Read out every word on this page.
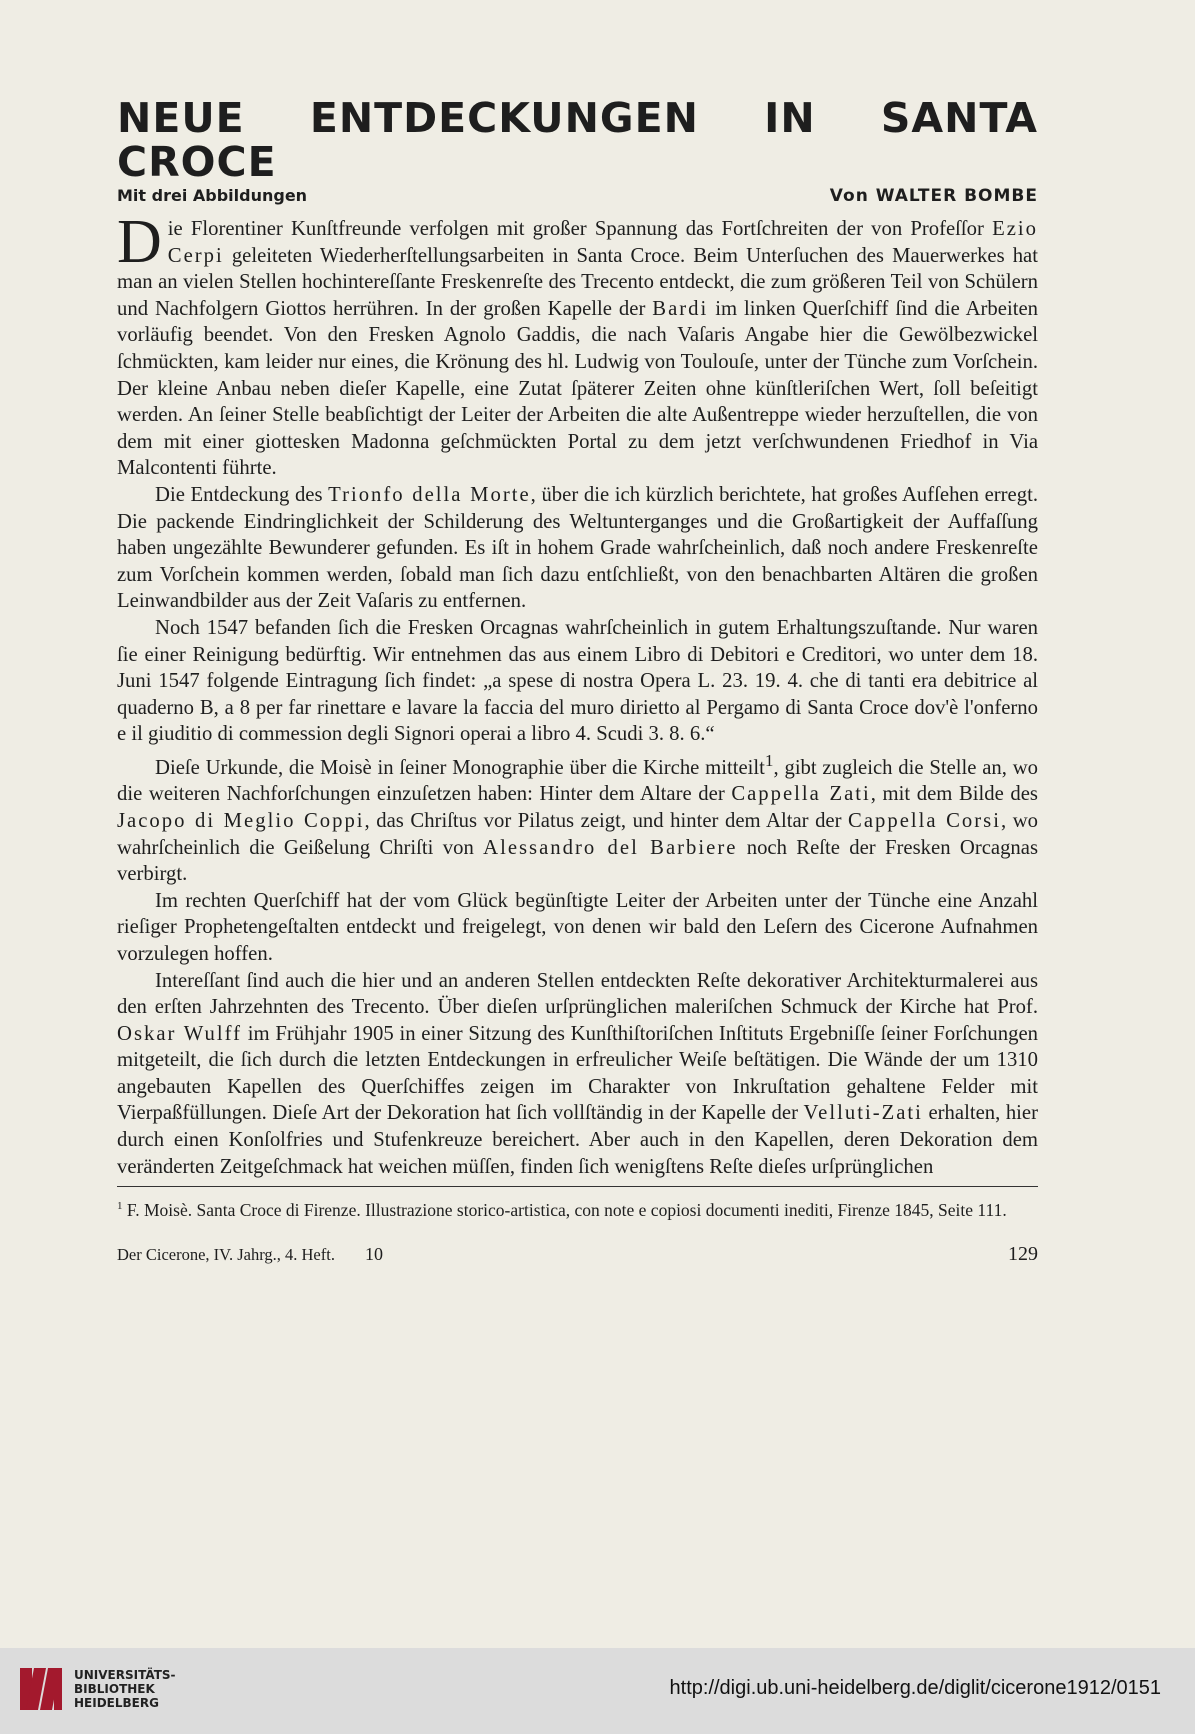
NEUE ENTDECKUNGEN IN SANTA CROCE
Mit drei Abbildungen	Von WALTER BOMBE

Die Florentiner Kunſtfreunde verfolgen mit großer Spannung das Fortſchreiten der von Profeſſor Ezio Cerpi geleiteten Wiederherſtellungsarbeiten in Santa Croce. Beim Unterſuchen des Mauerwerkes hat man an vielen Stellen hochintereſſante Freskenreſte des Trecento entdeckt, die zum größeren Teil von Schülern und Nachfolgern Giottos herrühren. In der großen Kapelle der Bardi im linken Querſchiff ſind die Arbeiten vorläufig beendet. Von den Fresken Agnolo Gaddis, die nach Vaſaris Angabe hier die Gewölbezwickel ſchmückten, kam leider nur eines, die Krönung des hl. Ludwig von Toulouſe, unter der Tünche zum Vorſchein. Der kleine Anbau neben dieſer Kapelle, eine Zutat ſpäterer Zeiten ohne künſtleriſchen Wert, ſoll beſeitigt werden. An ſeiner Stelle beabſichtigt der Leiter der Arbeiten die alte Außentreppe wieder herzuſtellen, die von dem mit einer giottesken Madonna geſchmückten Portal zu dem jetzt verſchwundenen Friedhof in Via Malcontenti führte.

Die Entdeckung des Trionfo della Morte, über die ich kürzlich berichtete, hat großes Aufſehen erregt. Die packende Eindringlichkeit der Schilderung des Weltunterganges und die Großartigkeit der Auffaſſung haben ungezählte Bewunderer gefunden. Es iſt in hohem Grade wahrſcheinlich, daß noch andere Freskenreſte zum Vorſchein kommen werden, ſobald man ſich dazu entſchließt, von den benachbarten Altären die großen Leinwandbilder aus der Zeit Vaſaris zu entfernen.

Noch 1547 befanden ſich die Fresken Orcagnas wahrſcheinlich in gutem Erhaltungszuſtande. Nur waren ſie einer Reinigung bedürftig. Wir entnehmen das aus einem Libro di Debitori e Creditori, wo unter dem 18. Juni 1547 folgende Eintragung ſich findet: „a spese di nostra Opera L. 23. 19. 4. che di tanti era debitrice al quaderno B, a 8 per far rinettare e lavare la faccia del muro dirietto al Pergamo di Santa Croce dov'è l'onferno e il giuditio di commession degli Signori operai a libro 4. Scudi 3. 8. 6.“

Dieſe Urkunde, die Moisè in ſeiner Monographie über die Kirche mitteilt$^1$, gibt zugleich die Stelle an, wo die weiteren Nachforſchungen einzuſetzen haben: Hinter dem Altare der Cappella Zati, mit dem Bilde des Jacopo di Meglio Coppi, das Chriſtus vor Pilatus zeigt, und hinter dem Altar der Cappella Corsi, wo wahrſcheinlich die Geißelung Chriſti von Alessandro del Barbiere noch Reſte der Fresken Orcagnas verbirgt.

Im rechten Querſchiff hat der vom Glück begünſtigte Leiter der Arbeiten unter der Tünche eine Anzahl rieſiger Prophetengeſtalten entdeckt und freigelegt, von denen wir bald den Leſern des Cicerone Aufnahmen vorzulegen hoffen.

Intereſſant ſind auch die hier und an anderen Stellen entdeckten Reſte dekorativer Architekturmalerei aus den erſten Jahrzehnten des Trecento. Über dieſen urſprünglichen maleriſchen Schmuck der Kirche hat Prof. Oskar Wulff im Frühjahr 1905 in einer Sitzung des Kunſthiſtoriſchen Inſtituts Ergebniſſe ſeiner Forſchungen mitgeteilt, die ſich durch die letzten Entdeckungen in erfreulicher Weiſe beſtätigen. Die Wände der um 1310 angebauten Kapellen des Querſchiffes zeigen im Charakter von Inkruſtation gehaltene Felder mit Vierpaßfüllungen. Dieſe Art der Dekoration hat ſich vollſtändig in der Kapelle der Velluti-Zati erhalten, hier durch einen Konſolfries und Stufenkreuze bereichert. Aber auch in den Kapellen, deren Dekoration dem veränderten Zeitgeſchmack hat weichen müſſen, finden ſich wenigſtens Reſte dieſes urſprünglichen

$^1$ F. Moisè. Santa Croce di Firenze. Illustrazione storico-artistica, con note e copiosi documenti inediti, Firenze 1845, Seite 111.
Der Cicerone, IV. Jahrg., 4. Heft. 10	129
UNIVERSITÄTS-
BIBLIOTHEK
HEIDELBERG
http://digi.ub.uni-heidelberg.de/diglit/cicerone1912/0151
